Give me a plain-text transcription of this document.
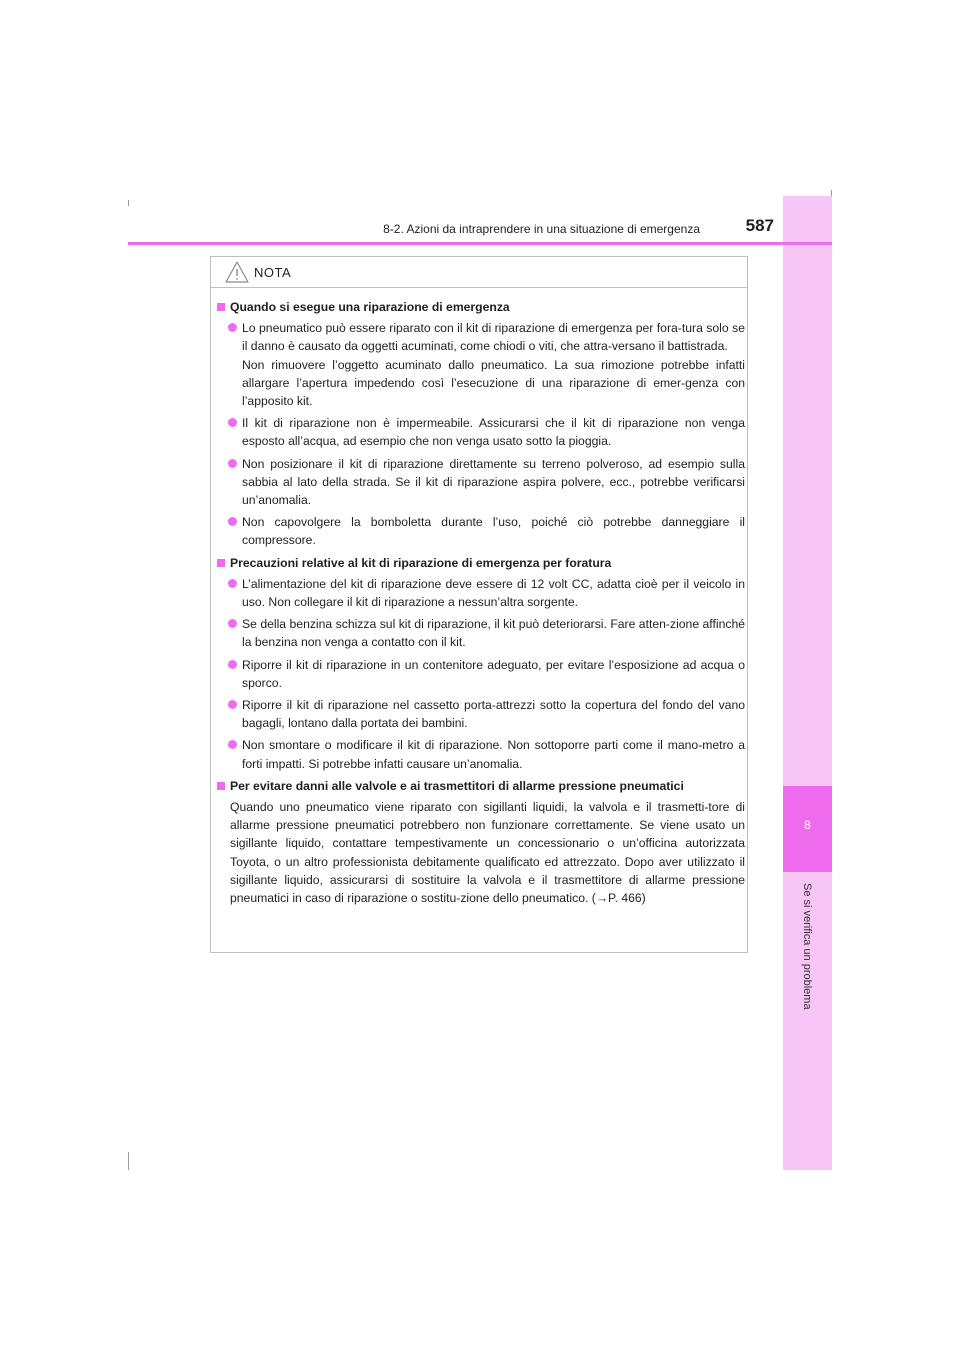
8
Se si verifica un problema
8-2. Azioni da intraprendere in una situazione di emergenza	587
NOTA
Quando si esegue una riparazione di emergenza

Lo pneumatico può essere riparato con il kit di riparazione di emergenza per fora-tura solo se il danno è causato da oggetti acuminati, come chiodi o viti, che attra-versano il battistrada.

Non rimuovere l’oggetto acuminato dallo pneumatico. La sua rimozione potrebbe infatti allargare l’apertura impedendo così l’esecuzione di una riparazione di emer-genza con l’apposito kit.

Il kit di riparazione non è impermeabile. Assicurarsi che il kit di riparazione non venga esposto all’acqua, ad esempio che non venga usato sotto la pioggia.

Non posizionare il kit di riparazione direttamente su terreno polveroso, ad esempio sulla sabbia al lato della strada. Se il kit di riparazione aspira polvere, ecc., potrebbe verificarsi un’anomalia.

Non capovolgere la bomboletta durante l’uso, poiché ciò potrebbe danneggiare il compressore.

Precauzioni relative al kit di riparazione di emergenza per foratura

L’alimentazione del kit di riparazione deve essere di 12 volt CC, adatta cioè per il veicolo in uso. Non collegare il kit di riparazione a nessun’altra sorgente.

Se della benzina schizza sul kit di riparazione, il kit può deteriorarsi. Fare atten-zione affinché la benzina non venga a contatto con il kit.

Riporre il kit di riparazione in un contenitore adeguato, per evitare l’esposizione ad acqua o sporco.

Riporre il kit di riparazione nel cassetto porta-attrezzi sotto la copertura del fondo del vano bagagli, lontano dalla portata dei bambini.

Non smontare o modificare il kit di riparazione. Non sottoporre parti come il mano-metro a forti impatti. Si potrebbe infatti causare un’anomalia.

Per evitare danni alle valvole e ai trasmettitori di allarme pressione pneumatici

Quando uno pneumatico viene riparato con sigillanti liquidi, la valvola e il trasmetti-tore di allarme pressione pneumatici potrebbero non funzionare correttamente. Se viene usato un sigillante liquido, contattare tempestivamente un concessionario o un’officina autorizzata Toyota, o un altro professionista debitamente qualificato ed attrezzato. Dopo aver utilizzato il sigillante liquido, assicurarsi di sostituire la valvola e il trasmettitore di allarme pressione pneumatici in caso di riparazione o sostitu-zione dello pneumatico. (→P. 466)
